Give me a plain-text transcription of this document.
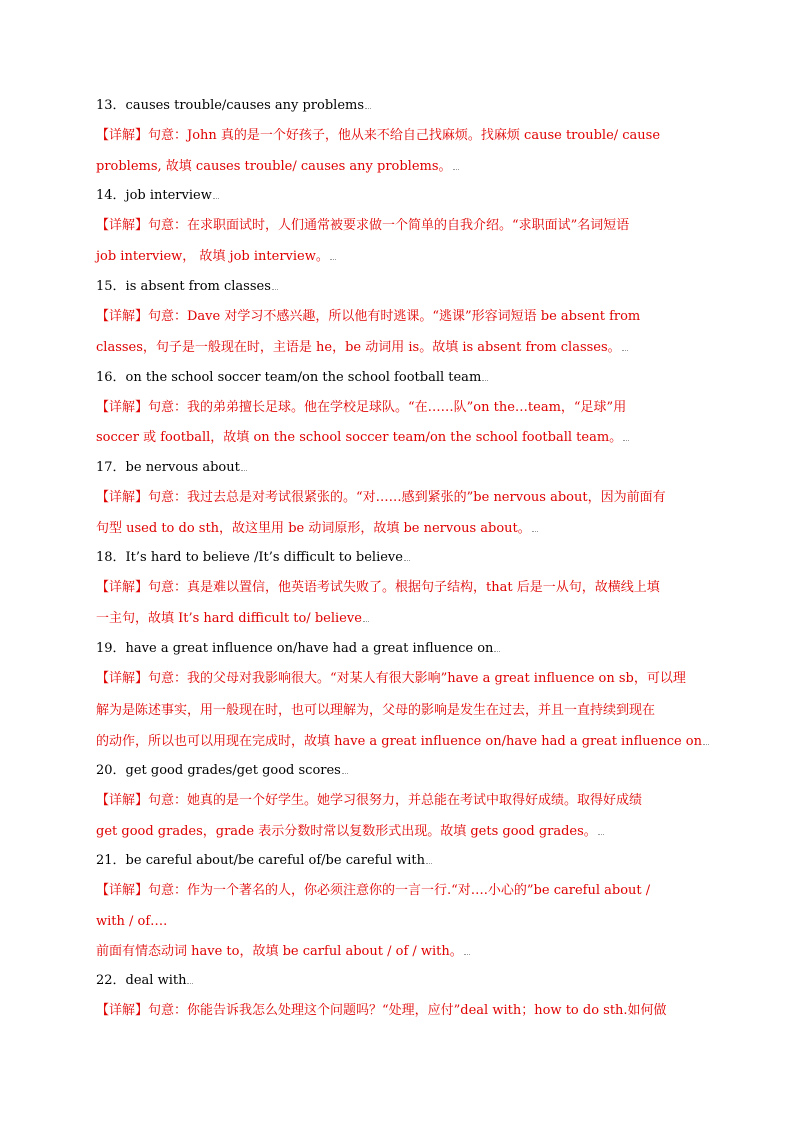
13．causes trouble/causes any problems
【详解】句意：John 真的是一个好孩子，他从来不给自己找麻烦。找麻烦 cause trouble/ cause
problems, 故填 causes trouble/ causes any problems。
14．job interview
【详解】句意：在求职面试时，人们通常被要求做一个简单的自我介绍。“求职面试”名词短语
job interview， 故填 job interview。
15．is absent from classes
【详解】句意：Dave 对学习不感兴趣，所以他有时逃课。“逃课”形容词短语 be absent from
classes，句子是一般现在时，主语是 he，be 动词用 is。故填 is absent from classes。
16．on the school soccer team/on the school football team
【详解】句意：我的弟弟擅长足球。他在学校足球队。“在……队”on the…team，“足球”用
soccer 或 football，故填 on the school soccer team/on the school football team。
17．be nervous about
【详解】句意：我过去总是对考试很紧张的。“对……感到紧张的”be nervous about，因为前面有
句型 used to do sth，故这里用 be 动词原形，故填 be nervous about。
18．It’s hard to believe /It’s difficult to believe
【详解】句意：真是难以置信，他英语考试失败了。根据句子结构，that 后是一从句，故横线上填
一主句，故填 It’s hard difficult to/ believe
19．have a great influence on/have had a great influence on
【详解】句意：我的父母对我影响很大。“对某人有很大影响”have a great influence on sb，可以理
解为是陈述事实，用一般现在时，也可以理解为，父母的影响是发生在过去，并且一直持续到现在
的动作，所以也可以用现在完成时，故填 have a great influence on/have had a great influence on
20．get good grades/get good scores
【详解】句意：她真的是一个好学生。她学习很努力，并总能在考试中取得好成绩。取得好成绩
get good grades，grade 表示分数时常以复数形式出现。故填 gets good grades。
21．be careful about/be careful of/be careful with
【详解】句意：作为一个著名的人，你必须注意你的一言一行.“对….小心的”be careful about /
with / of….
前面有情态动词 have to，故填 be carful about / of / with。
22．deal with
【详解】句意：你能告诉我怎么处理这个问题吗？“处理，应付”deal with；how to do sth.如何做
